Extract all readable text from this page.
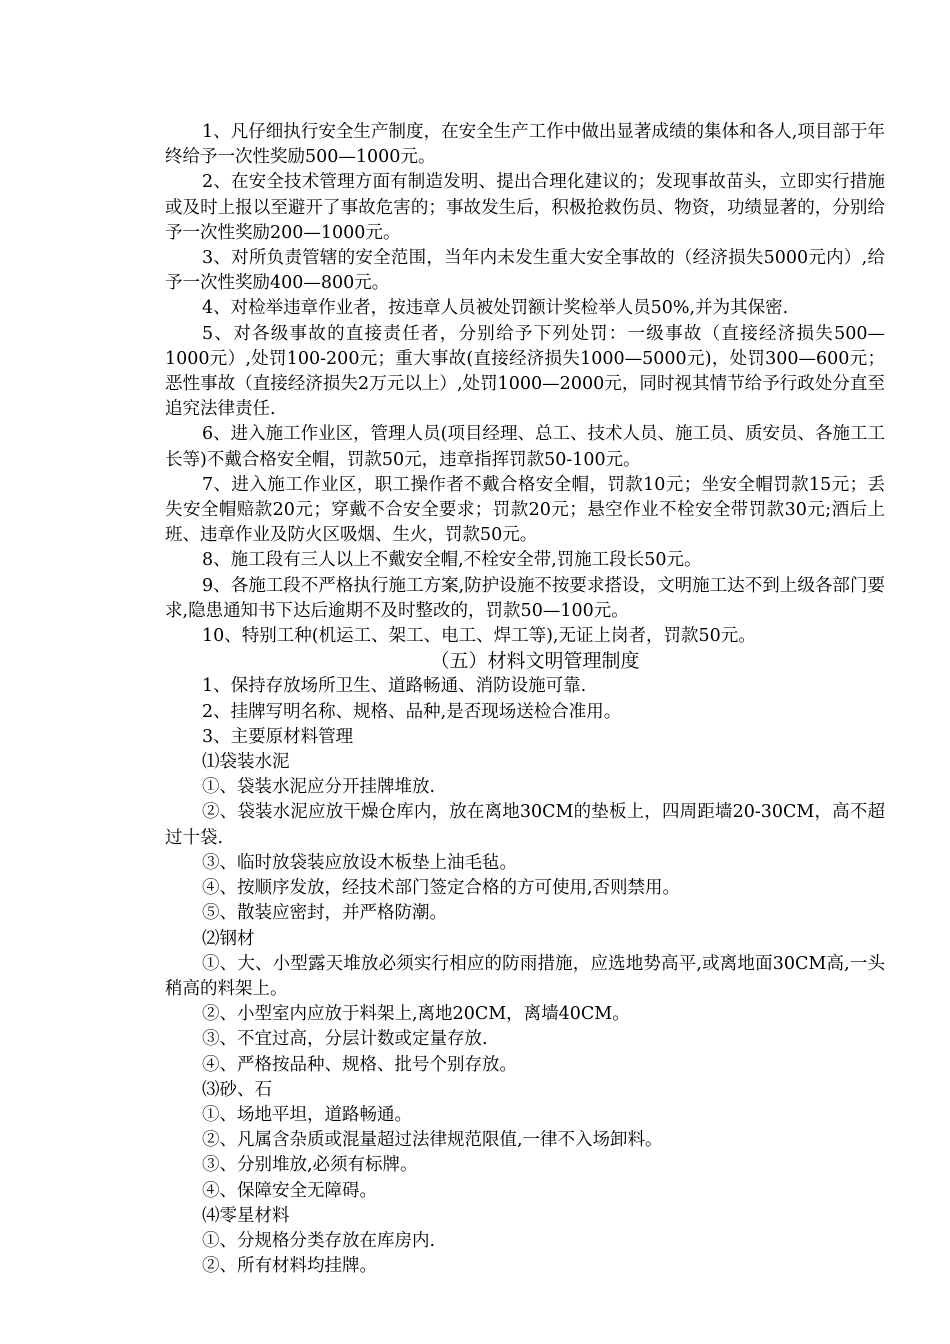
1、凡仔细执行安全生产制度，在安全生产工作中做出显著成绩的集体和各人,项目部于年终给予一次性奖励500—1000元。

2、在安全技术管理方面有制造发明、提出合理化建议的；发现事故苗头，立即实行措施或及时上报以至避开了事故危害的；事故发生后，积极抢救伤员、物资，功绩显著的，分别给予一次性奖励200—1000元。

3、对所负责管辖的安全范围，当年内未发生重大安全事故的（经济损失5000元内）,给予一次性奖励400—800元。

4、对检举违章作业者，按违章人员被处罚额计奖检举人员50%,并为其保密.

5、对各级事故的直接责任者，分别给予下列处罚：一级事故（直接经济损失500—1000元）,处罚100-200元；重大事故(直接经济损失1000—5000元)，处罚300—600元；恶性事故（直接经济损失2万元以上）,处罚1000—2000元，同时视其情节给予行政处分直至追究法律责任.

6、进入施工作业区，管理人员(项目经理、总工、技术人员、施工员、质安员、各施工工长等)不戴合格安全帽，罚款50元，违章指挥罚款50-100元。

7、进入施工作业区，职工操作者不戴合格安全帽，罚款10元；坐安全帽罚款15元；丢失安全帽赔款20元；穿戴不合安全要求；罚款20元；悬空作业不栓安全带罚款30元;酒后上班、违章作业及防火区吸烟、生火，罚款50元。

8、施工段有三人以上不戴安全帽,不栓安全带,罚施工段长50元。

9、各施工段不严格执行施工方案,防护设施不按要求搭设，文明施工达不到上级各部门要求,隐患通知书下达后逾期不及时整改的，罚款50—100元。

10、特别工种(机运工、架工、电工、焊工等),无证上岗者，罚款50元。

（五）材料文明管理制度

1、保持存放场所卫生、道路畅通、消防设施可靠.

2、挂牌写明名称、规格、品种,是否现场送检合准用。

3、主要原材料管理

⑴袋装水泥

①、袋装水泥应分开挂牌堆放.

②、袋装水泥应放干燥仓库内，放在离地30CM的垫板上，四周距墙20-30CM，高不超过十袋.

③、临时放袋装应放设木板垫上油毛毡。

④、按顺序发放，经技术部门签定合格的方可使用,否则禁用。

⑤、散装应密封，并严格防潮。

⑵钢材

①、大、小型露天堆放必须实行相应的防雨措施，应选地势高平,或离地面30CM高,一头稍高的料架上。

②、小型室内应放于料架上,离地20CM，离墙40CM。

③、不宜过高，分层计数或定量存放.

④、严格按品种、规格、批号个别存放。

⑶砂、石

①、场地平坦，道路畅通。

②、凡属含杂质或混量超过法律规范限值,一律不入场卸料。

③、分别堆放,必须有标牌。

④、保障安全无障碍。

⑷零星材料

①、分规格分类存放在库房内.

②、所有材料均挂牌。
